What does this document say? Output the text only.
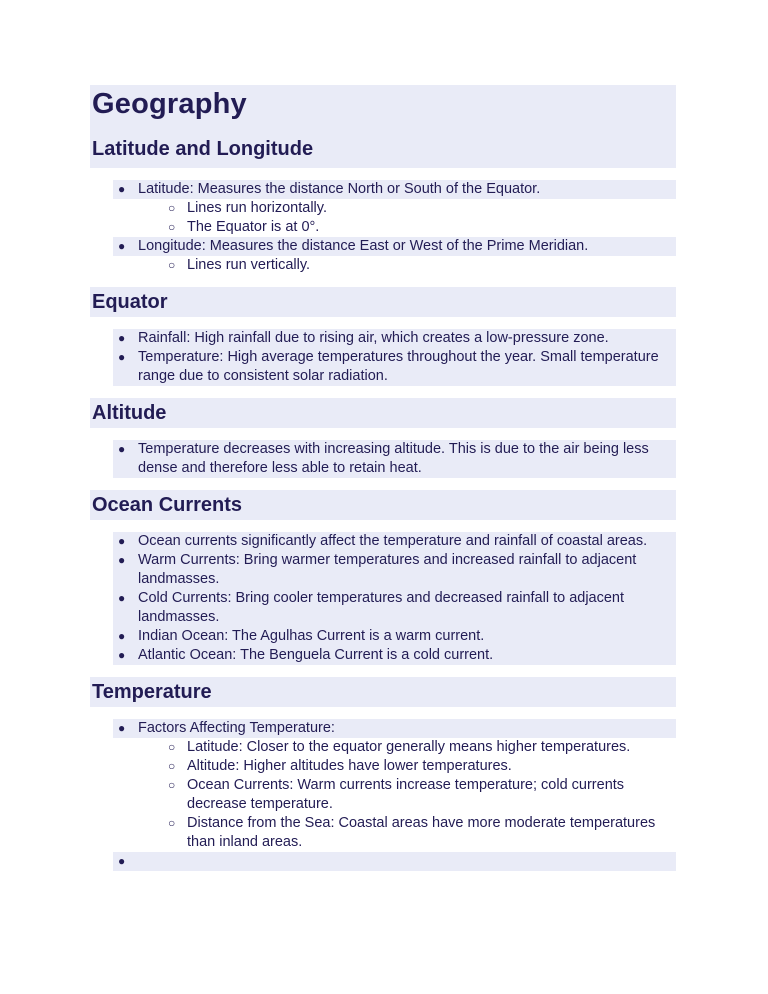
Geography
Latitude and Longitude
● Latitude: Measures the distance North or South of the Equator.
○ Lines run horizontally.
○ The Equator is at 0°.
● Longitude: Measures the distance East or West of the Prime Meridian.
○ Lines run vertically.
Equator
● Rainfall: High rainfall due to rising air, which creates a low-pressure zone.
● Temperature: High average temperatures throughout the year. Small temperature range due to consistent solar radiation.
Altitude
● Temperature decreases with increasing altitude. This is due to the air being less dense and therefore less able to retain heat.
Ocean Currents
● Ocean currents significantly affect the temperature and rainfall of coastal areas.
● Warm Currents: Bring warmer temperatures and increased rainfall to adjacent landmasses.
● Cold Currents: Bring cooler temperatures and decreased rainfall to adjacent landmasses.
● Indian Ocean: The Agulhas Current is a warm current.
● Atlantic Ocean: The Benguela Current is a cold current.
Temperature
● Factors Affecting Temperature:
○ Latitude: Closer to the equator generally means higher temperatures.
○ Altitude: Higher altitudes have lower temperatures.
○ Ocean Currents: Warm currents increase temperature; cold currents decrease temperature.
○ Distance from the Sea: Coastal areas have more moderate temperatures than inland areas.
●
